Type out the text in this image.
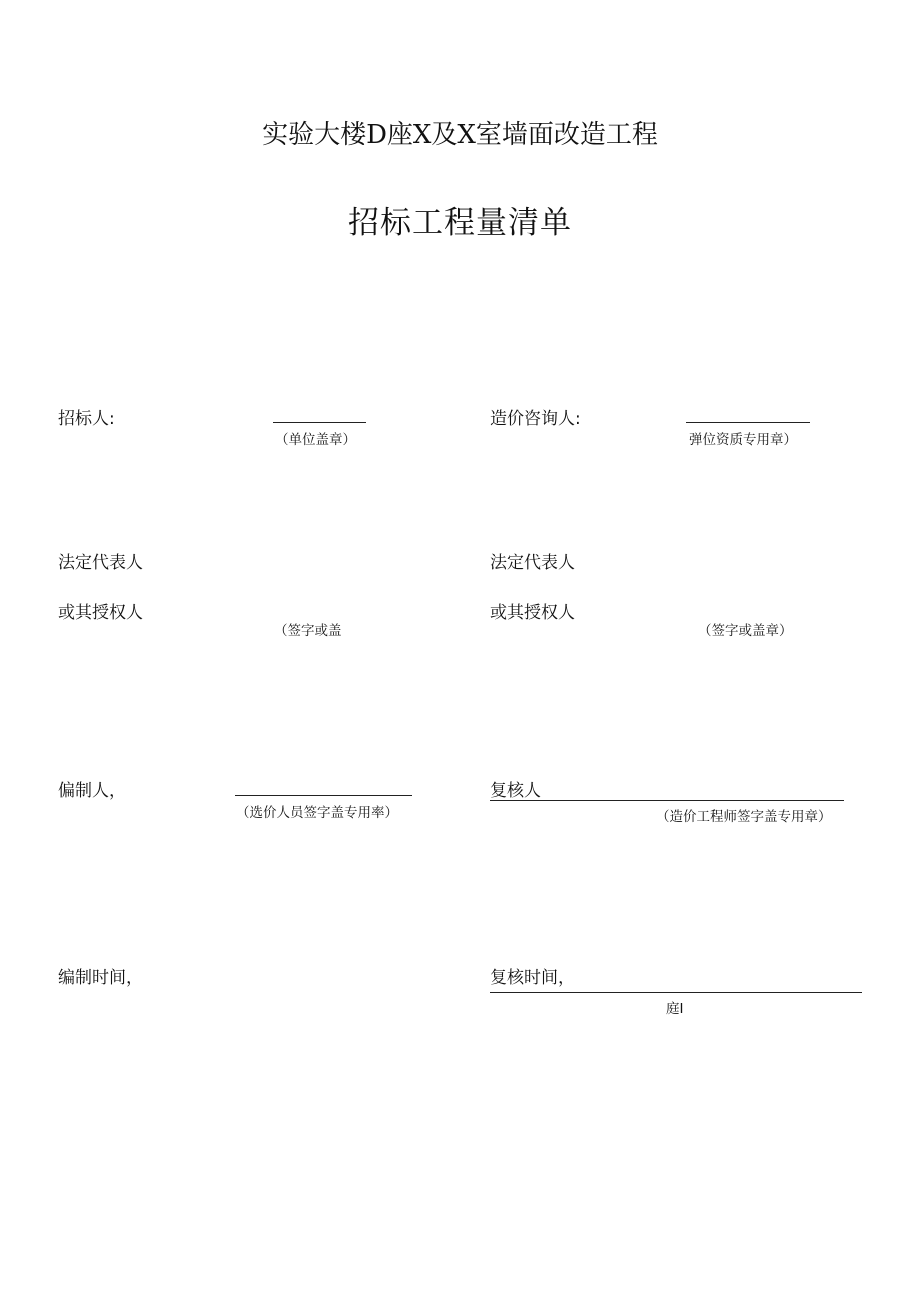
实验大楼D座X及X室墙面改造工程
招标工程量清单
招标人:
（单位盖章）
法定代表人
或其授权人
（签字或盖
偏制人，
（选价人员签字盖专用率）
编制时间，
造价咨询人:
弹位资质专用章）
法定代表人
或其授权人
（签字或盖章）
复核人
（造价工程师签字盖专用章）
复核时间，
庭I
